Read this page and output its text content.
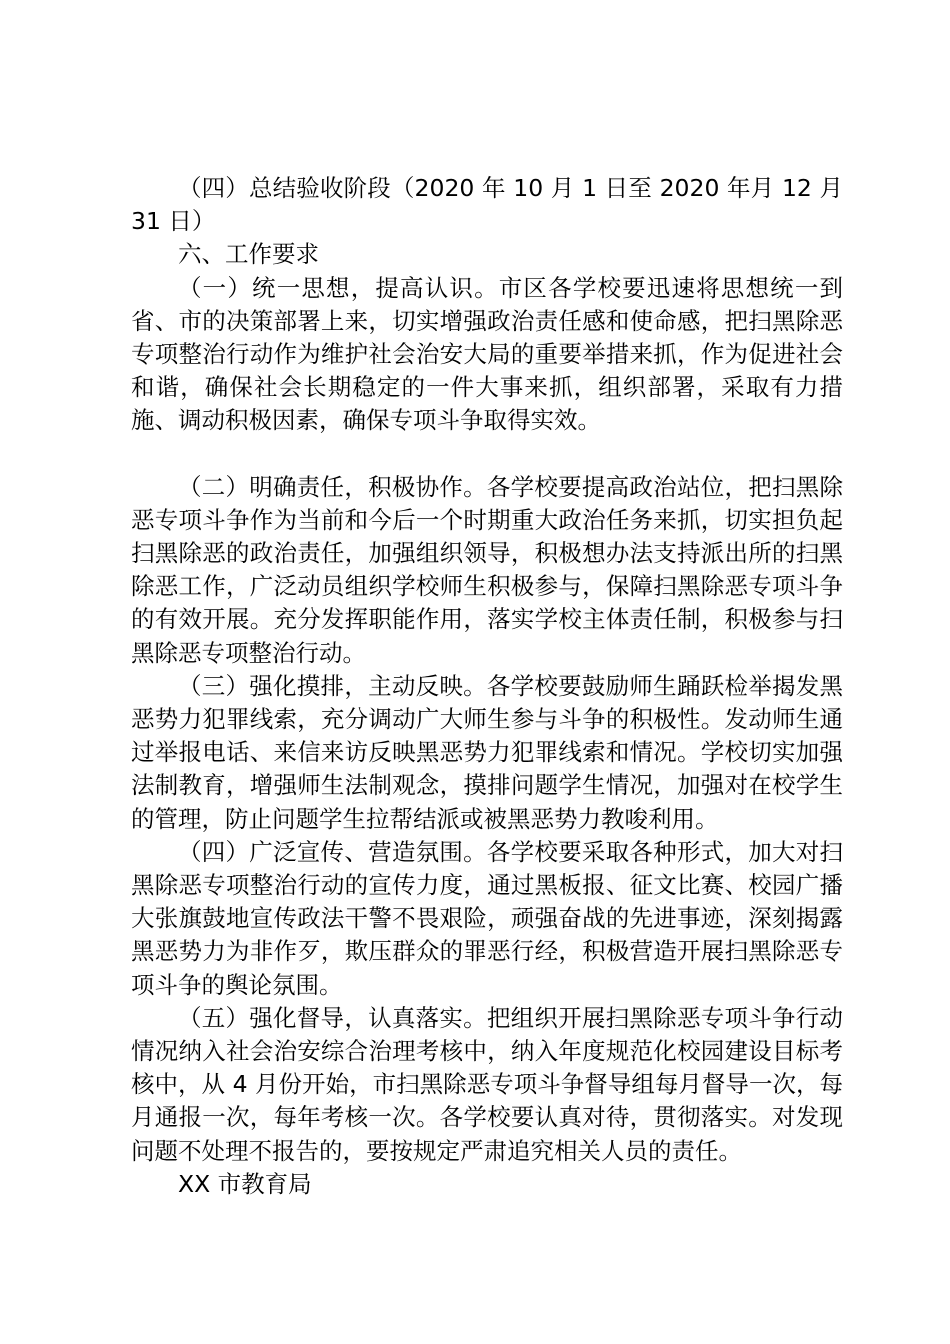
（四）总结验收阶段（2020 年 10 月 1 日至 2020 年月 12 月 31 日）

六、工作要求

（一）统一思想，提高认识。市区各学校要迅速将思想统一到省、市的决策部署上来，切实增强政治责任感和使命感，把扫黑除恶专项整治行动作为维护社会治安大局的重要举措来抓，作为促进社会和谐，确保社会长期稳定的一件大事来抓，组织部署，采取有力措施、调动积极因素，确保专项斗争取得实效。

（二）明确责任，积极协作。各学校要提高政治站位，把扫黑除恶专项斗争作为当前和今后一个时期重大政治任务来抓，切实担负起扫黑除恶的政治责任，加强组织领导，积极想办法支持派出所的扫黑除恶工作，广泛动员组织学校师生积极参与，保障扫黑除恶专项斗争的有效开展。充分发挥职能作用，落实学校主体责任制，积极参与扫黑除恶专项整治行动。

（三）强化摸排，主动反映。各学校要鼓励师生踊跃检举揭发黑恶势力犯罪线索，充分调动广大师生参与斗争的积极性。发动师生通过举报电话、来信来访反映黑恶势力犯罪线索和情况。学校切实加强法制教育，增强师生法制观念，摸排问题学生情况，加强对在校学生的管理，防止问题学生拉帮结派或被黑恶势力教唆利用。

（四）广泛宣传、营造氛围。各学校要采取各种形式，加大对扫黑除恶专项整治行动的宣传力度，通过黑板报、征文比赛、校园广播大张旗鼓地宣传政法干警不畏艰险，顽强奋战的先进事迹，深刻揭露黑恶势力为非作歹，欺压群众的罪恶行经，积极营造开展扫黑除恶专项斗争的舆论氛围。

（五）强化督导，认真落实。把组织开展扫黑除恶专项斗争行动情况纳入社会治安综合治理考核中，纳入年度规范化校园建设目标考核中，从 4 月份开始，市扫黑除恶专项斗争督导组每月督导一次，每月通报一次，每年考核一次。各学校要认真对待，贯彻落实。对发现问题不处理不报告的，要按规定严肃追究相关人员的责任。

XX 市教育局
